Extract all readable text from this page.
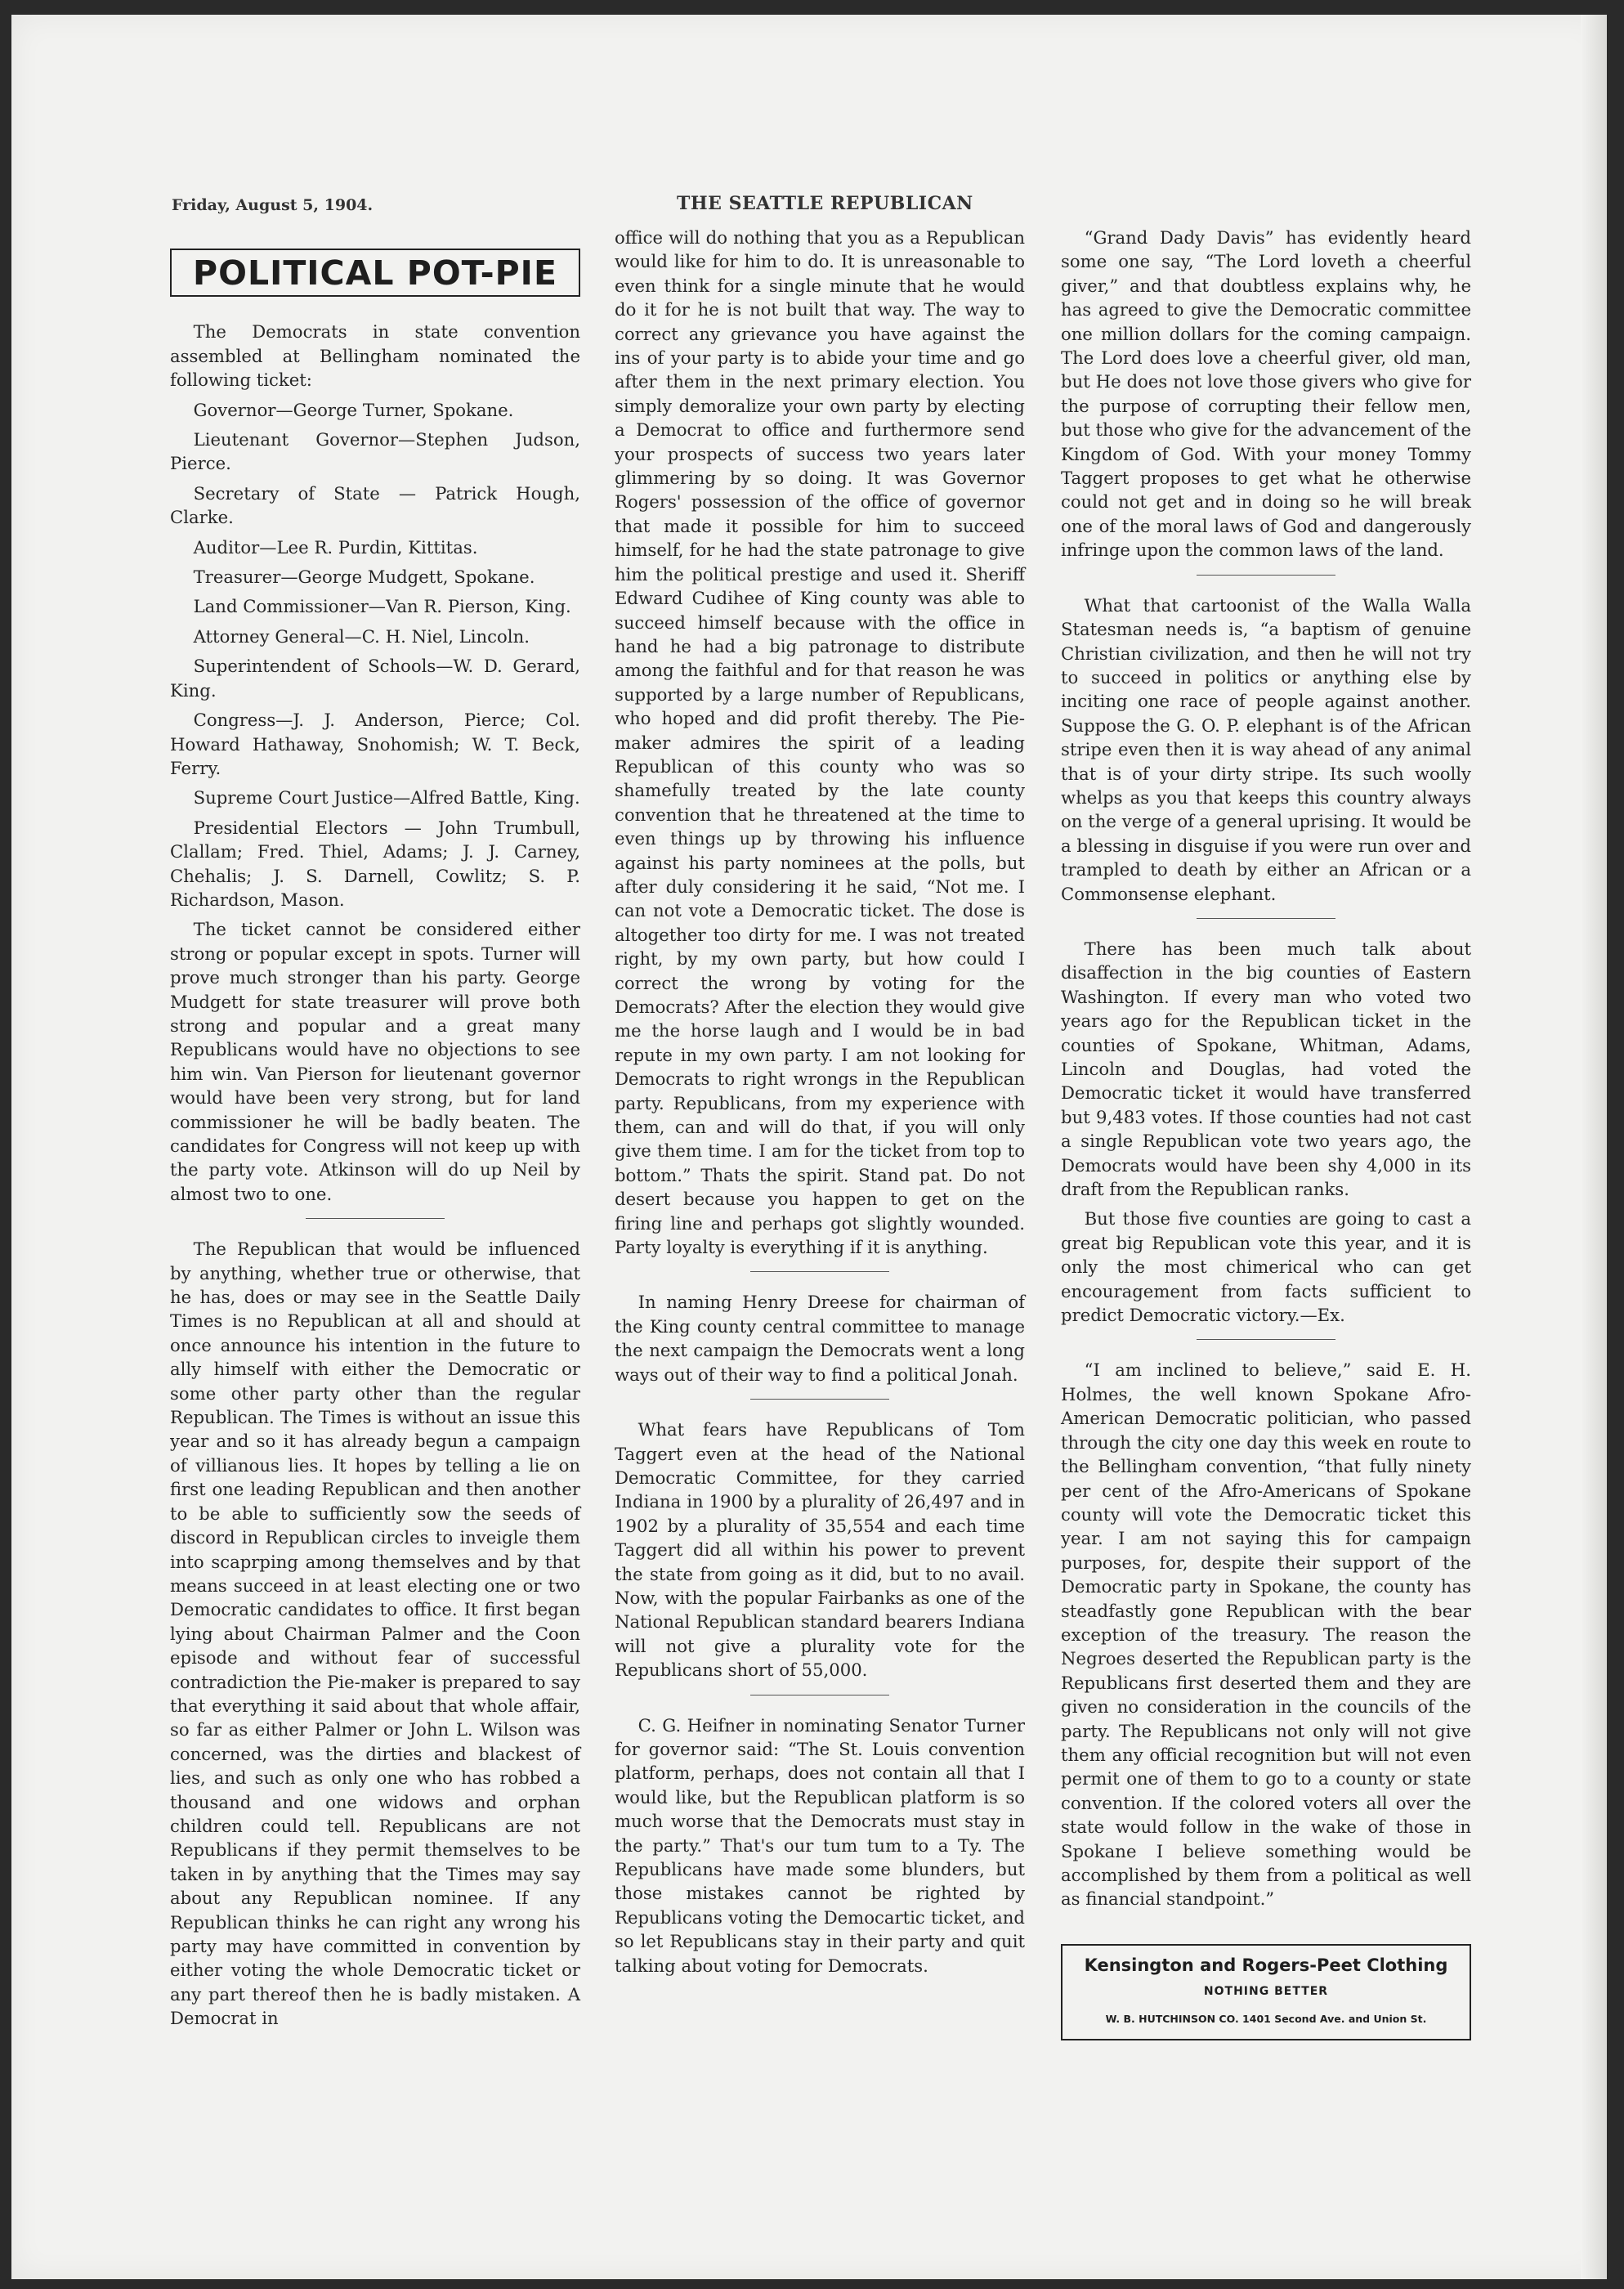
Friday, August 5, 1904.	THE SEATTLE REPUBLICAN
POLITICAL POT-PIE

The Democrats in state convention assembled at Bellingham nominated the following ticket:

Governor—George Turner, Spokane.

Lieutenant Governor—Stephen Judson, Pierce.

Secretary of State — Patrick Hough, Clarke.

Auditor—Lee R. Purdin, Kittitas.

Treasurer—George Mudgett, Spokane.

Land Commissioner—Van R. Pierson, King.

Attorney General—C. H. Niel, Lincoln.

Superintendent of Schools—W. D. Gerard, King.

Congress—J. J. Anderson, Pierce; Col. Howard Hathaway, Snohomish; W. T. Beck, Ferry.

Supreme Court Justice—Alfred Battle, King.

Presidential Electors — John Trumbull, Clallam; Fred. Thiel, Adams; J. J. Carney, Chehalis; J. S. Darnell, Cowlitz; S. P. Richardson, Mason.

The ticket cannot be considered either strong or popular except in spots. Turner will prove much stronger than his party. George Mudgett for state treasurer will prove both strong and popular and a great many Republicans would have no objections to see him win. Van Pierson for lieutenant governor would have been very strong, but for land commissioner he will be badly beaten. The candidates for Congress will not keep up with the party vote. Atkinson will do up Neil by almost two to one.

The Republican that would be influenced by anything, whether true or otherwise, that he has, does or may see in the Seattle Daily Times is no Republican at all and should at once announce his intention in the future to ally himself with either the Democratic or some other party other than the regular Republican. The Times is without an issue this year and so it has already begun a campaign of villianous lies. It hopes by telling a lie on first one leading Republican and then another to be able to sufficiently sow the seeds of discord in Republican circles to inveigle them into scaprping among themselves and by that means succeed in at least electing one or two Democratic candidates to office. It first began lying about Chairman Palmer and the Coon episode and without fear of successful contradiction the Pie-maker is prepared to say that everything it said about that whole affair, so far as either Palmer or John L. Wilson was concerned, was the dirties and blackest of lies, and such as only one who has robbed a thousand and one widows and orphan children could tell. Republicans are not Republicans if they permit themselves to be taken in by anything that the Times may say about any Republican nominee. If any Republican thinks he can right any wrong his party may have committed in convention by either voting the whole Democratic ticket or any part thereof then he is badly mistaken. A Democrat in

office will do nothing that you as a Republican would like for him to do. It is unreasonable to even think for a single minute that he would do it for he is not built that way. The way to correct any grievance you have against the ins of your party is to abide your time and go after them in the next primary election. You simply demoralize your own party by electing a Democrat to office and furthermore send your prospects of success two years later glimmering by so doing. It was Governor Rogers' possession of the office of governor that made it possible for him to succeed himself, for he had the state patronage to give him the political prestige and used it. Sheriff Edward Cudihee of King county was able to succeed himself because with the office in hand he had a big patronage to distribute among the faithful and for that reason he was supported by a large number of Republicans, who hoped and did profit thereby. The Pie-maker admires the spirit of a leading Republican of this county who was so shamefully treated by the late county convention that he threatened at the time to even things up by throwing his influence against his party nominees at the polls, but after duly considering it he said, “Not me. I can not vote a Democratic ticket. The dose is altogether too dirty for me. I was not treated right, by my own party, but how could I correct the wrong by voting for the Democrats? After the election they would give me the horse laugh and I would be in bad repute in my own party. I am not looking for Democrats to right wrongs in the Republican party. Republicans, from my experience with them, can and will do that, if you will only give them time. I am for the ticket from top to bottom.” Thats the spirit. Stand pat. Do not desert because you happen to get on the firing line and perhaps got slightly wounded. Party loyalty is everything if it is anything.

In naming Henry Dreese for chairman of the King county central committee to manage the next campaign the Democrats went a long ways out of their way to find a political Jonah.

What fears have Republicans of Tom Taggert even at the head of the National Democratic Committee, for they carried Indiana in 1900 by a plurality of 26,497 and in 1902 by a plurality of 35,554 and each time Taggert did all within his power to prevent the state from going as it did, but to no avail. Now, with the popular Fairbanks as one of the National Republican standard bearers Indiana will not give a plurality vote for the Republicans short of 55,000.

C. G. Heifner in nominating Senator Turner for governor said: “The St. Louis convention platform, perhaps, does not contain all that I would like, but the Republican platform is so much worse that the Democrats must stay in the party.” That's our tum tum to a Ty. The Republicans have made some blunders, but those mistakes cannot be righted by Republicans voting the Democartic ticket, and so let Republicans stay in their party and quit talking about voting for Democrats.

“Grand Dady Davis” has evidently heard some one say, “The Lord loveth a cheerful giver,” and that doubtless explains why, he has agreed to give the Democratic committee one million dollars for the coming campaign. The Lord does love a cheerful giver, old man, but He does not love those givers who give for the purpose of corrupting their fellow men, but those who give for the advancement of the Kingdom of God. With your money Tommy Taggert proposes to get what he otherwise could not get and in doing so he will break one of the moral laws of God and dangerously infringe upon the common laws of the land.

What that cartoonist of the Walla Walla Statesman needs is, “a baptism of genuine Christian civilization, and then he will not try to succeed in politics or anything else by inciting one race of people against another. Suppose the G. O. P. elephant is of the African stripe even then it is way ahead of any animal that is of your dirty stripe. Its such woolly whelps as you that keeps this country always on the verge of a general uprising. It would be a blessing in disguise if you were run over and trampled to death by either an African or a Commonsense elephant.

There has been much talk about disaffection in the big counties of Eastern Washington. If every man who voted two years ago for the Republican ticket in the counties of Spokane, Whitman, Adams, Lincoln and Douglas, had voted the Democratic ticket it would have transferred but 9,483 votes. If those counties had not cast a single Republican vote two years ago, the Democrats would have been shy 4,000 in its draft from the Republican ranks.

But those five counties are going to cast a great big Republican vote this year, and it is only the most chimerical who can get encouragement from facts sufficient to predict Democratic victory.—Ex.

“I am inclined to believe,” said E. H. Holmes, the well known Spokane Afro-American Democratic politician, who passed through the city one day this week en route to the Bellingham convention, “that fully ninety per cent of the Afro-Americans of Spokane county will vote the Democratic ticket this year. I am not saying this for campaign purposes, for, despite their support of the Democratic party in Spokane, the county has steadfastly gone Republican with the bear exception of the treasury. The reason the Negroes deserted the Republican party is the Republicans first deserted them and they are given no consideration in the councils of the party. The Republicans not only will not give them any official recognition but will not even permit one of them to go to a county or state convention. If the colored voters all over the state would follow in the wake of those in Spokane I believe something would be accomplished by them from a political as well as financial standpoint.”

Kensington and Rogers-Peet Clothing
NOTHING BETTER
W. B. HUTCHINSON CO. 1401 Second Ave. and Union St.
